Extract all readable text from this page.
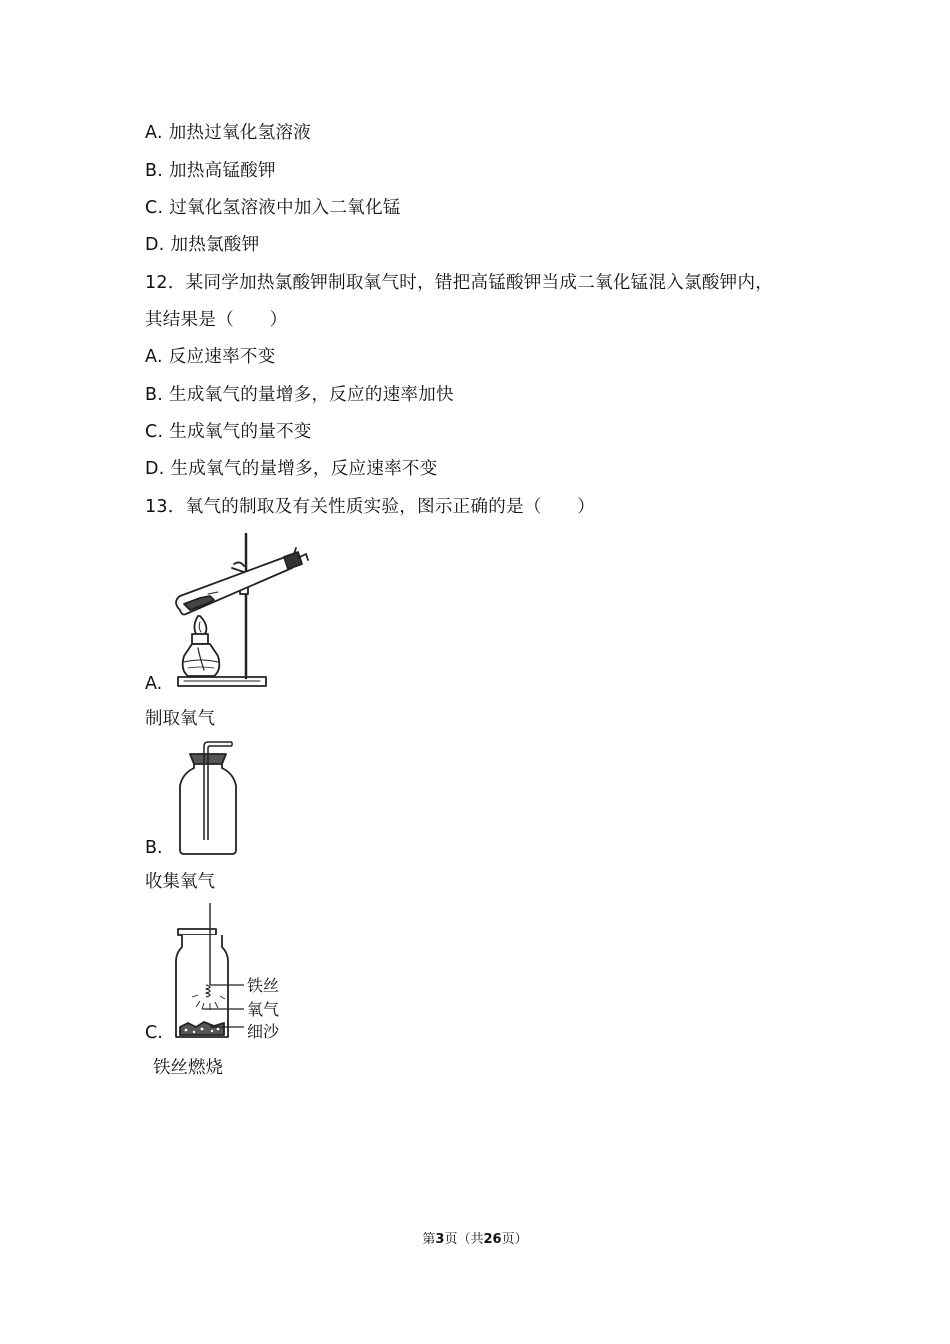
A. 加热过氧化氢溶液
B. 加热高锰酸钾
C. 过氧化氢溶液中加入二氧化锰
D. 加热氯酸钾
12．某同学加热氯酸钾制取氧气时，错把高锰酸钾当成二氧化锰混入氯酸钾内，
其结果是（　　）
A. 反应速率不变
B. 生成氧气的量增多，反应的速率加快
C. 生成氧气的量不变
D. 生成氧气的量增多，反应速率不变
13．氧气的制取及有关性质实验，图示正确的是（　　）
A.
制取氧气
B.
收集氧气
铁丝
氧气
细沙
C.
铁丝燃烧
第3页（共26页）
